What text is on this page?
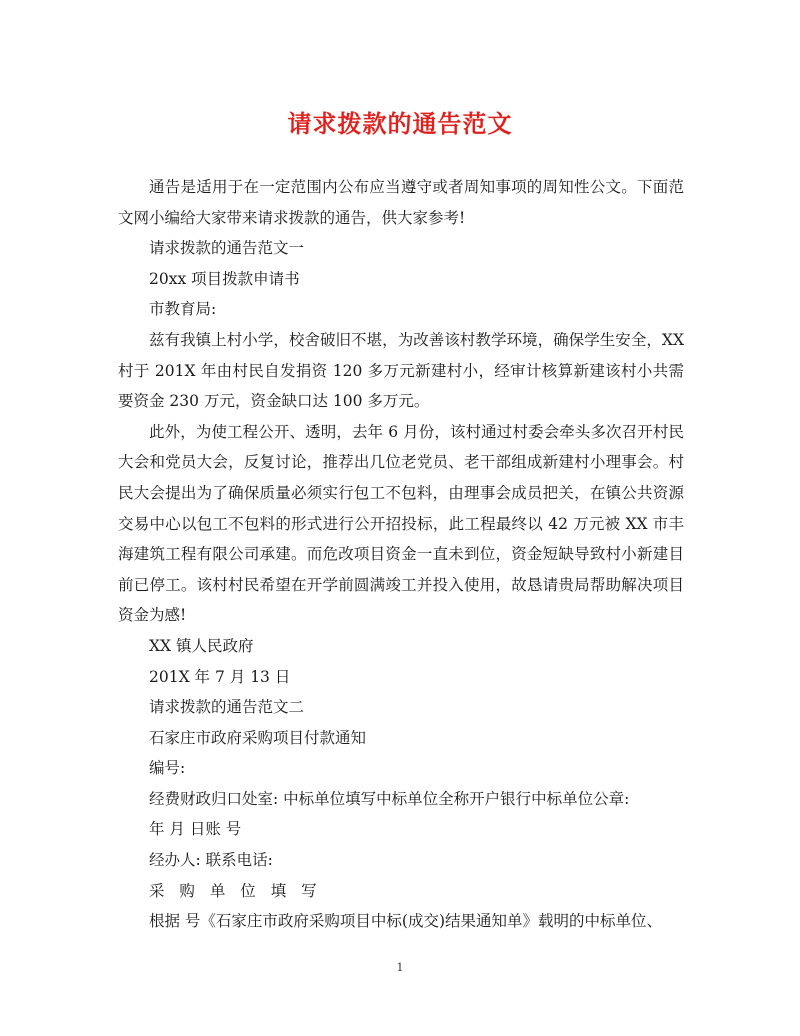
请求拨款的通告范文

通告是适用于在一定范围内公布应当遵守或者周知事项的周知性公文。下面范文网小编给大家带来请求拨款的通告，供大家参考!

请求拨款的通告范文一

20xx 项目拨款申请书

市教育局:

兹有我镇上村小学，校舍破旧不堪，为改善该村教学环境，确保学生安全，XX 村于 201X 年由村民自发捐资 120 多万元新建村小，经审计核算新建该村小共需要资金 230 万元，资金缺口达 100 多万元。

此外，为使工程公开、透明，去年 6 月份，该村通过村委会牵头多次召开村民大会和党员大会，反复讨论，推荐出几位老党员、老干部组成新建村小理事会。村民大会提出为了确保质量必须实行包工不包料，由理事会成员把关，在镇公共资源交易中心以包工不包料的形式进行公开招投标，此工程最终以 42 万元被 XX 市丰海建筑工程有限公司承建。而危改项目资金一直未到位，资金短缺导致村小新建目前已停工。该村村民希望在开学前圆满竣工并投入使用，故恳请贵局帮助解决项目资金为感!

XX 镇人民政府

201X 年 7 月 13 日

请求拨款的通告范文二

石家庄市政府采购项目付款通知

编号:

经费财政归口处室: 中标单位填写中标单位全称开户银行中标单位公章:

年 月 日账 号

经办人: 联系电话:

采 购 单 位 填 写

根据 号《石家庄市政府采购项目中标(成交)结果通知单》载明的中标单位、

1
